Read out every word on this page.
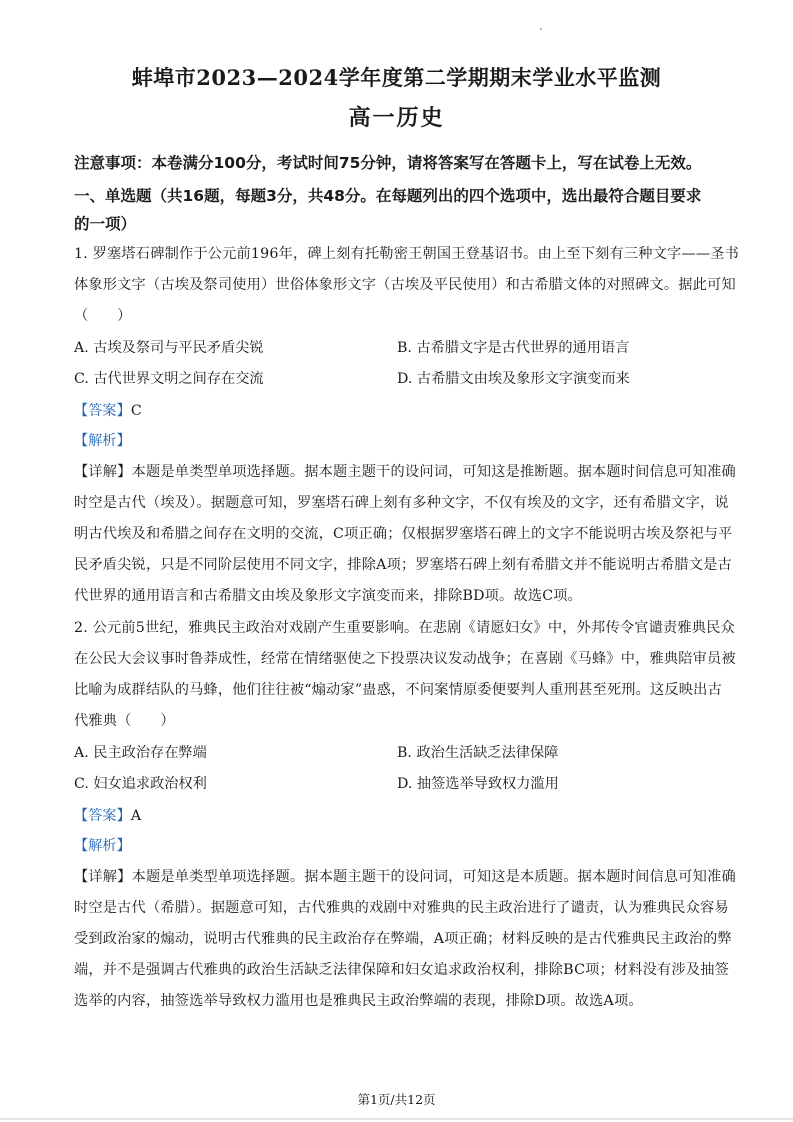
蚌埠市2023—2024学年度第二学期期末学业水平监测
高一历史
注意事项：本卷满分100分，考试时间75分钟，请将答案写在答题卡上，写在试卷上无效。
一、单选题（共16题，每题3分，共48分。在每题列出的四个选项中，选出最符合题目要求
的一项）
1. 罗塞塔石碑制作于公元前196年，碑上刻有托勒密王朝国王登基诏书。由上至下刻有三种文字——圣书
体象形文字（古埃及祭司使用）世俗体象形文字（古埃及平民使用）和古希腊文体的对照碑文。据此可知
（　　）
A. 古埃及祭司与平民矛盾尖锐	B. 古希腊文字是古代世界的通用语言
C. 古代世界文明之间存在交流	D. 古希腊文由埃及象形文字演变而来
【答案】C
【解析】
【详解】本题是单类型单项选择题。据本题主题干的设问词，可知这是推断题。据本题时间信息可知准确
时空是古代（埃及）。据题意可知，罗塞塔石碑上刻有多种文字，不仅有埃及的文字，还有希腊文字，说
明古代埃及和希腊之间存在文明的交流，C项正确；仅根据罗塞塔石碑上的文字不能说明古埃及祭祀与平
民矛盾尖锐，只是不同阶层使用不同文字，排除A项；罗塞塔石碑上刻有希腊文并不能说明古希腊文是古
代世界的通用语言和古希腊文由埃及象形文字演变而来，排除BD项。故选C项。
2. 公元前5世纪，雅典民主政治对戏剧产生重要影响。在悲剧《请愿妇女》中，外邦传令官谴责雅典民众
在公民大会议事时鲁莽成性，经常在情绪驱使之下投票决议发动战争；在喜剧《马蜂》中，雅典陪审员被
比喻为成群结队的马蜂，他们往往被“煽动家”蛊惑，不问案情原委便要判人重刑甚至死刑。这反映出古
代雅典（　　）
A. 民主政治存在弊端	B. 政治生活缺乏法律保障
C. 妇女追求政治权利	D. 抽签选举导致权力滥用
【答案】A
【解析】
【详解】本题是单类型单项选择题。据本题主题干的设问词，可知这是本质题。据本题时间信息可知准确
时空是古代（希腊）。据题意可知，古代雅典的戏剧中对雅典的民主政治进行了谴责，认为雅典民众容易
受到政治家的煽动，说明古代雅典的民主政治存在弊端，A项正确；材料反映的是古代雅典民主政治的弊
端，并不是强调古代雅典的政治生活缺乏法律保障和妇女追求政治权利，排除BC项；材料没有涉及抽签
选举的内容，抽签选举导致权力滥用也是雅典民主政治弊端的表现，排除D项。故选A项。
第1页/共12页
